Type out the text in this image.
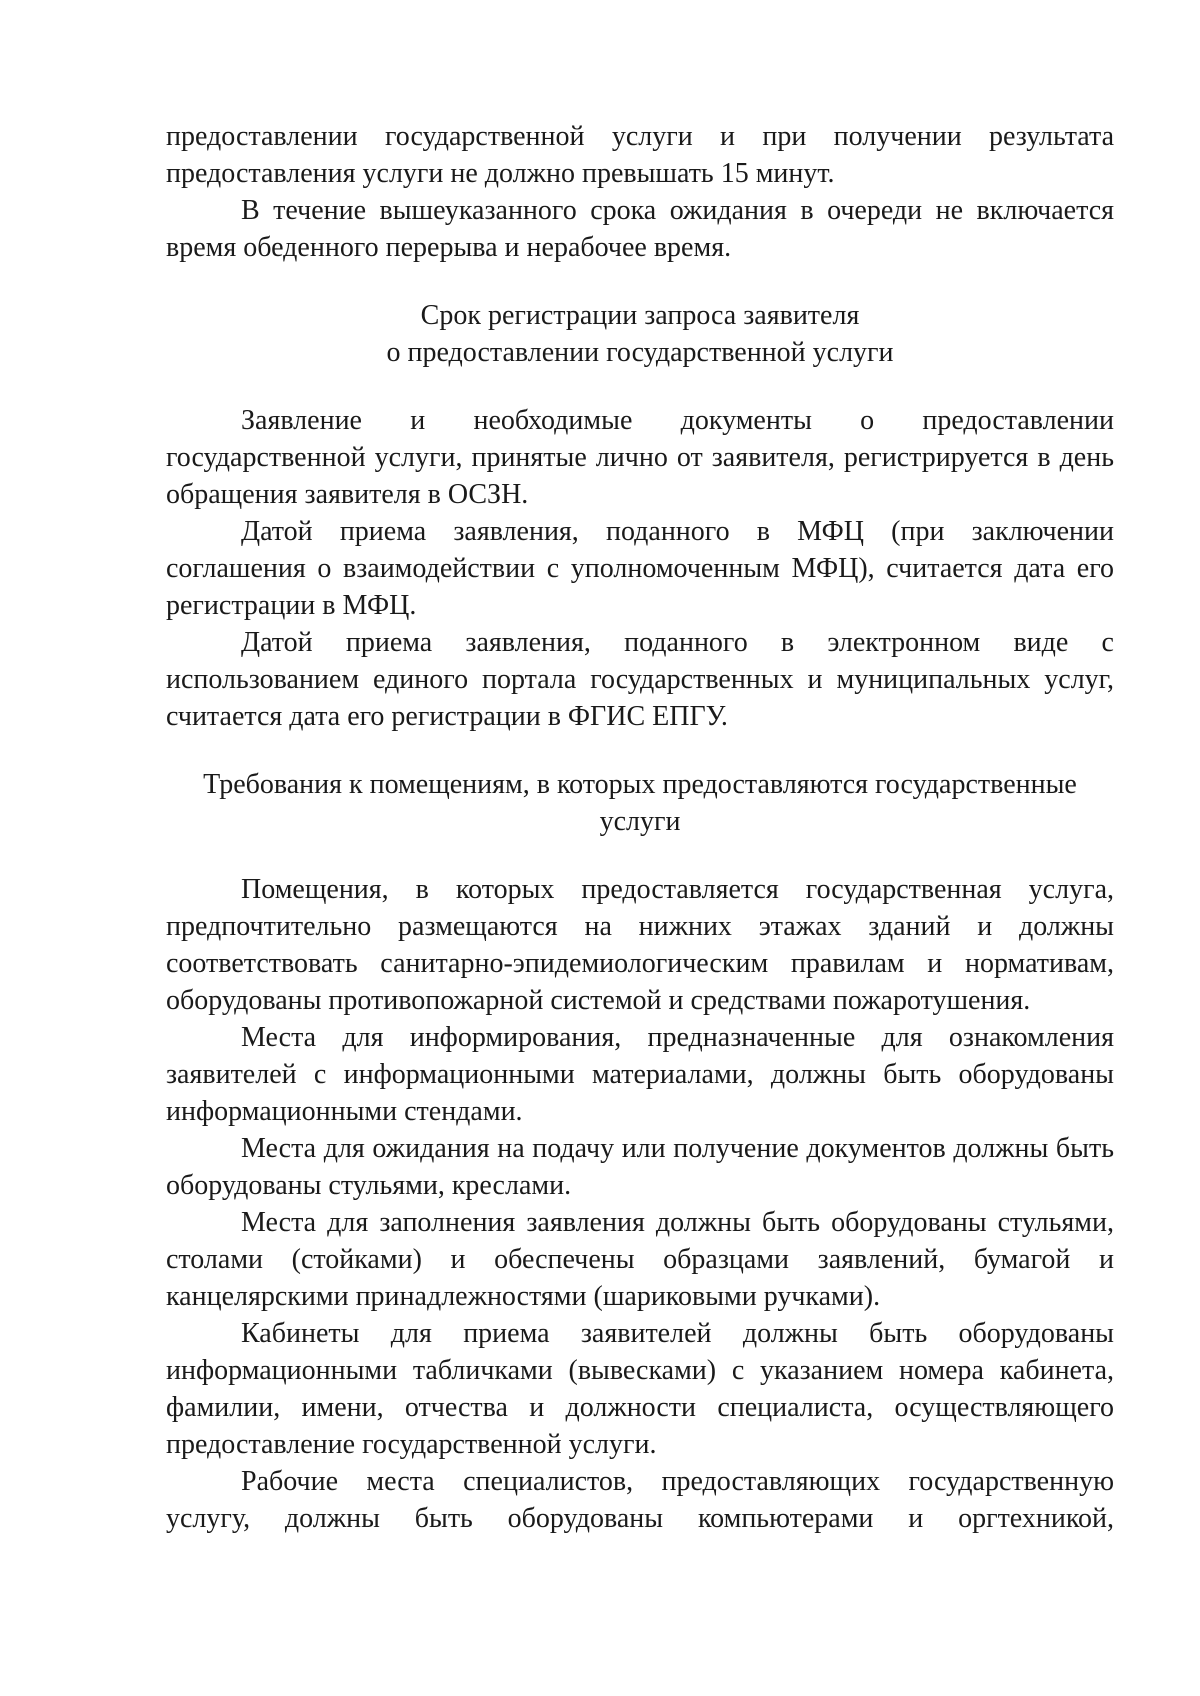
предоставлении государственной услуги и при получении результата предоставления услуги не должно превышать 15 минут.

В течение вышеуказанного срока ожидания в очереди не включается время обеденного перерыва и нерабочее время.

Срок регистрации запроса заявителя
о предоставлении государственной услуги

Заявление и необходимые документы о предоставлении государственной услуги, принятые лично от заявителя, регистрируется в день обращения заявителя в ОСЗН.

Датой приема заявления, поданного в МФЦ (при заключении соглашения о взаимодействии с уполномоченным МФЦ), считается дата его регистрации в МФЦ.

Датой приема заявления, поданного в электронном виде с использованием единого портала государственных и муниципальных услуг, считается дата его регистрации в ФГИС ЕПГУ.

Требования к помещениям, в которых предоставляются государственные
услуги

Помещения, в которых предоставляется государственная услуга, предпочтительно размещаются на нижних этажах зданий и должны соответствовать санитарно-эпидемиологическим правилам и нормативам, оборудованы противопожарной системой и средствами пожаротушения.

Места для информирования, предназначенные для ознакомления заявителей с информационными материалами, должны быть оборудованы информационными стендами.

Места для ожидания на подачу или получение документов должны быть оборудованы стульями, креслами.

Места для заполнения заявления должны быть оборудованы стульями, столами (стойками) и обеспечены образцами заявлений, бумагой и канцелярскими принадлежностями (шариковыми ручками).

Кабинеты для приема заявителей должны быть оборудованы информационными табличками (вывесками) с указанием номера кабинета, фамилии, имени, отчества и должности специалиста, осуществляющего предоставление государственной услуги.

Рабочие места специалистов, предоставляющих государственную услугу, должны быть оборудованы компьютерами и оргтехникой,
